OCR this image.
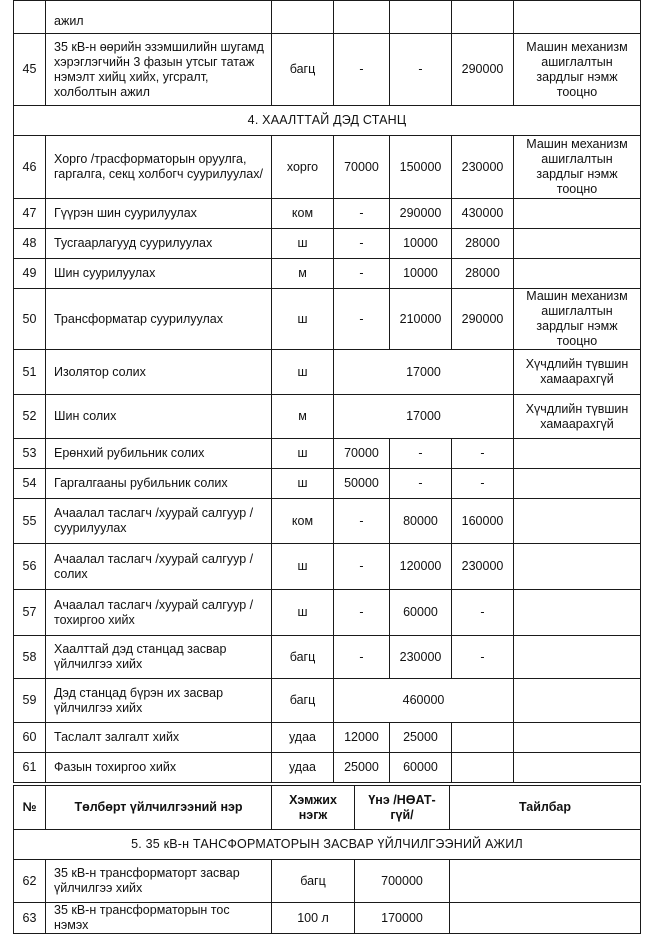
	ажил					
45	35 кВ-н өөрийн эзэмшилийн шугамд хэрэглэгчийн 3 фазын утсыг татаж нэмэлт хийц хийх, угсралт, холболтын ажил	багц	-	-	290000	Машин механизм ашиглалтын зардлыг нэмж тооцно
4. ХААЛТТАЙ ДЭД СТАНЦ						
46	Хорго /трасформаторын оруулга, гаргалга, секц холбогч суурилуулах/	хорго	70000	150000	230000	Машин механизм ашиглалтын зардлыг нэмж тооцно
47	Гүүрэн шин суурилуулах	ком	-	290000	430000	
48	Тусгаарлагууд суурилуулах	ш	-	10000	28000	
49	Шин суурилуулах	м	-	10000	28000	
50	Трансформатар суурилуулах	ш	-	210000	290000	Машин механизм ашиглалтын зардлыг нэмж тооцно
51	Изолятор солих	ш	17000			Хүчдлийн түвшин хамаарахгүй
52	Шин солих	м	17000			Хүчдлийн түвшин хамаарахгүй
53	Ерөнхий рубильник солих	ш	70000	-	-	
54	Гаргалгааны рубильник солих	ш	50000	-	-	
55	Ачаалал таслагч /хуурай салгуур / суурилуулах	ком	-	80000	160000	
56	Ачаалал таслагч /хуурай салгуур / солих	ш	-	120000	230000	
57	Ачаалал таслагч /хуурай салгуур / тохиргоо хийх	ш	-	60000	-	
58	Хаалттай дэд станцад засвар үйлчилгээ хийх	багц	-	230000	-	
59	Дэд станцад бүрэн их засвар үйлчилгээ хийх	багц	460000			
60	Таслалт залгалт хийх	удаа	12000	25000		
61	Фазын тохиргоо хийх	удаа	25000	60000		
№	Төлбөрт үйлчилгээний нэр	Хэмжих нэгж	Үнэ /НӨАТ-гүй/	Тайлбар
5. 35 кВ-н ТАНСФОРМАТОРЫН ЗАСВАР ҮЙЛЧИЛГЭЭНИЙ АЖИЛ				
62	35 кВ-н трансформаторт засвар үйлчилгээ хийх	багц	700000	
63	35 кВ-н трансформаторын тос нэмэх	100 л	170000	
